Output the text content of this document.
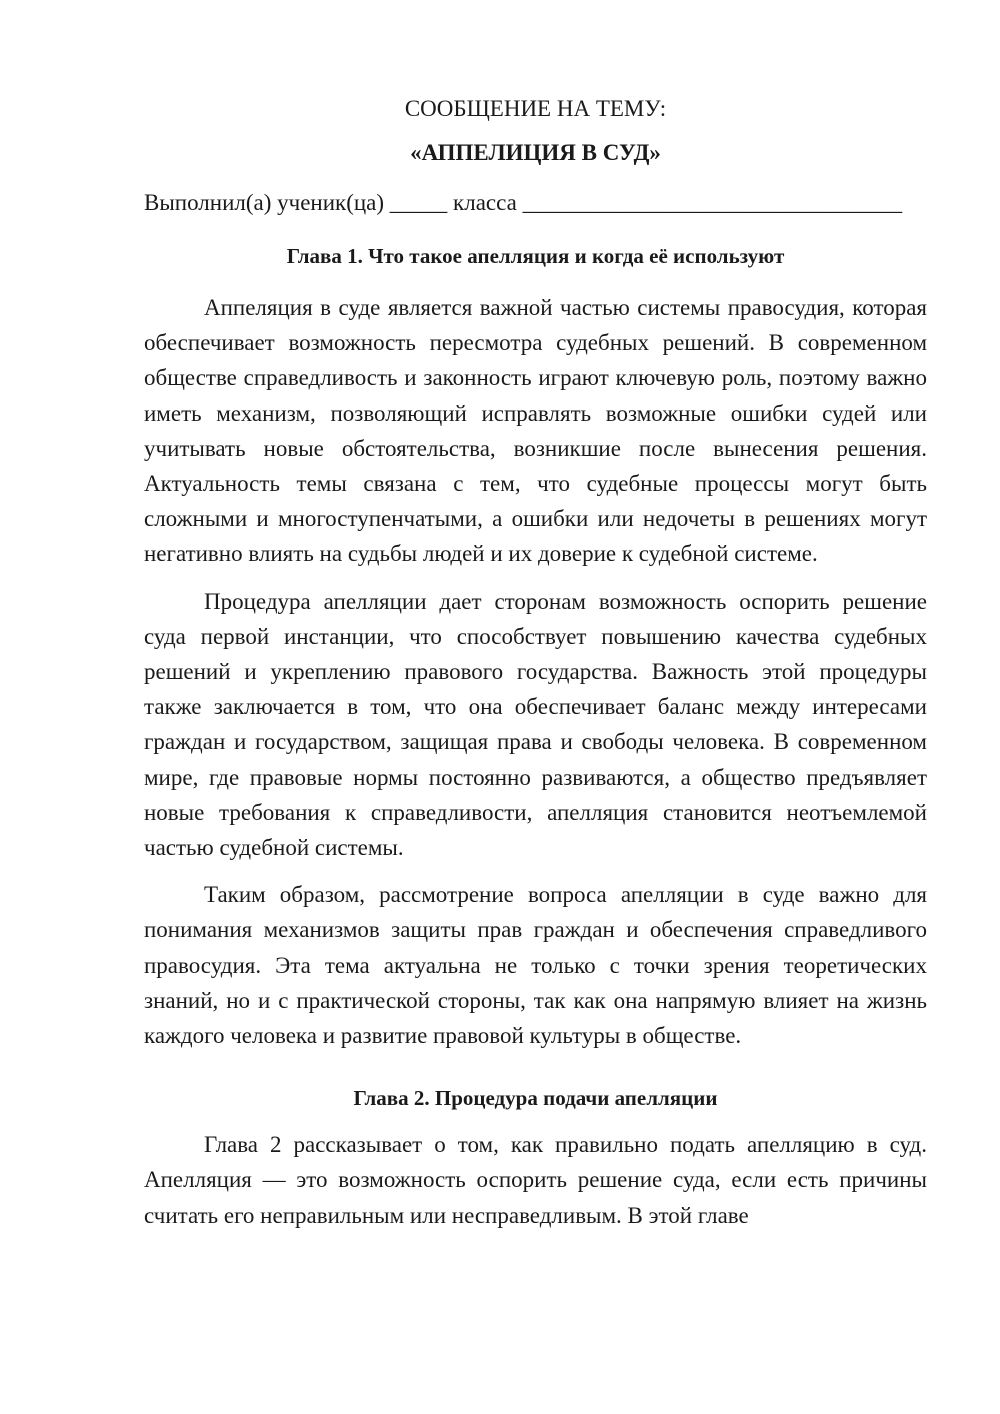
СООБЩЕНИЕ НА ТЕМУ:

«АППЕЛИЦИЯ В СУД»

Выполнил(а) ученик(ца) _____ класса _________________________________

Глава 1. Что такое апелляция и когда её используют

Аппеляция в суде является важной частью системы правосудия, которая обеспечивает возможность пересмотра судебных решений. В современном обществе справедливость и законность играют ключевую роль, поэтому важно иметь механизм, позволяющий исправлять возможные ошибки судей или учитывать новые обстоятельства, возникшие после вынесения решения. Актуальность темы связана с тем, что судебные процессы могут быть сложными и многоступенчатыми, а ошибки или недочеты в решениях могут негативно влиять на судьбы людей и их доверие к судебной системе.

Процедура апелляции дает сторонам возможность оспорить решение суда первой инстанции, что способствует повышению качества судебных решений и укреплению правового государства. Важность этой процедуры также заключается в том, что она обеспечивает баланс между интересами граждан и государством, защищая права и свободы человека. В современном мире, где правовые нормы постоянно развиваются, а общество предъявляет новые требования к справедливости, апелляция становится неотъемлемой частью судебной системы.

Таким образом, рассмотрение вопроса апелляции в суде важно для понимания механизмов защиты прав граждан и обеспечения справедливого правосудия. Эта тема актуальна не только с точки зрения теоретических знаний, но и с практической стороны, так как она напрямую влияет на жизнь каждого человека и развитие правовой культуры в обществе.

Глава 2. Процедура подачи апелляции

Глава 2 рассказывает о том, как правильно подать апелляцию в суд. Апелляция — это возможность оспорить решение суда, если есть причины считать его неправильным или несправедливым. В этой главе
